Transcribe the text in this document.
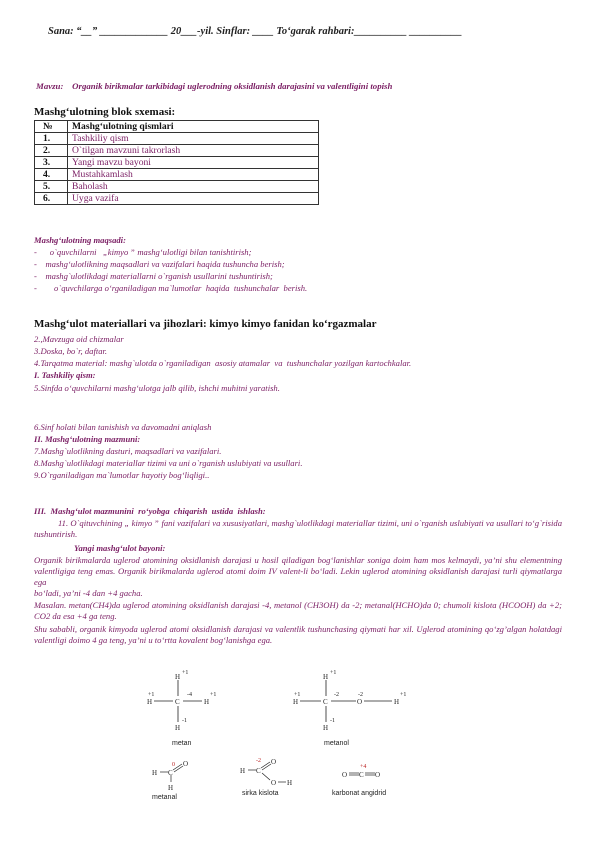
Sana: “__” _____________ 20___-yil. Sinflar: ____ To‘garak rahbari:__________ __________
Mavzu: Organik birikmalar tarkibidagi uglerodning oksidlanish darajasini va valentligini topish
Mashg‘ulotning blok sxemasi:
№	Mashg‘ulotning qismlari
1.	Tashkiliy qism
2.	O`tilgan mavzuni takrorlash
3.	Yangi mavzu bayoni
4.	Mustahkamlash
5.	Baholash
6.	Uyga vazifa
Mashg‘ulotning maqsadi:
-      o`quvchilarni   „kimyo ˮ mashg‘ulotligi bilan tanishtirish;
-    mashg‘ulotlikning maqsadlari va vazifalari haqida tushuncha berish;
-    mashg`ulotlikdagi materiallarni o`rganish usullarini tushuntirish;
-        o`quvchilarga o‘rganiladigan ma`lumotlar  haqida  tushunchalar  berish.
Mashg‘ulot materiallari va jihozlari: kimyo kimyo fanidan ko‘rgazmalar
2.,Mavzuga oid chizmalar
3.Doska, bo`r, daftar.
4.Tarqatma material: mashg`ulotda o`rganiladigan  asosiy atamalar  va  tushunchalar yozilgan kartochkalar.
I. Tashkiliy qism:
5.Sinfda o‘quvchilarni mashg‘ulotga jalb qilib, ishchi muhitni yaratish.
6.Sinf holati bilan tanishish va davomadni aniqlash
II. Mashg‘ulotning mazmuni:
7.Mashg`ulotlikning dasturi, maqsadlari va vazifalari.
8.Mashg`ulotlikdagi materiallar tizimi va uni o`rganish uslubiyati va usullari.
9.O`rganiladigan ma`lumotlar hayotiy bog‘liqligi..
III.  Mashg‘ulot mazmunini  ro‘yobga  chiqarish  ustida  ishlash:
11. O`qituvchining „ kimyo ˮ fani vazifalari va xususiyatlari, mashg`ulotlikdagi materiallar tizimi, uni o`rganish uslubiyati va usullari to‘g`risida tushuntirish.
Yangi mashg‘ulot bayoni:
Organik birikmalarda uglerod atomining oksidlanish darajasi u hosil qiladigan bog‘lanishlar soniga doim ham mos kelmaydi, ya’ni shu elementning valentligiga teng emas. Organik birikmalarda uglerod atomi doim IV valent-li bo‘ladi. Lekin uglerod atomining oksidlanish darajasi turli qiymatlarga ega
bo‘ladi, ya’ni -4 dan +4 gacha.
Masalan. metan(CH4)da uglerod atomining oksidlanish darajasi -4, metanol (CH3OH) da -2; metanal(HCHO)da 0; chumoli kislota (HCOOH) da +2; CO2 da esa +4 ga teng.
Shu sababli, organik kimyoda uglerod atomi oksidlanish darajasi va valentlik tushunchasing qiymati har xil. Uglerod atomining qo‘zg’algan holatdagi valentligi doimo 4 ga teng, ya’ni u to‘rtta kovalent bog‘lanishga ega.
H
C
H	H
H
+1
+1	-4	+1
-1
metan
H
C
H	O	H
H
+1
+1	-2	-2	+1
-1
metanol
H C
O
H
0
metanal
H C
O
O H
-2
sirka kislota
O C O
+4
karbonat angidrid
